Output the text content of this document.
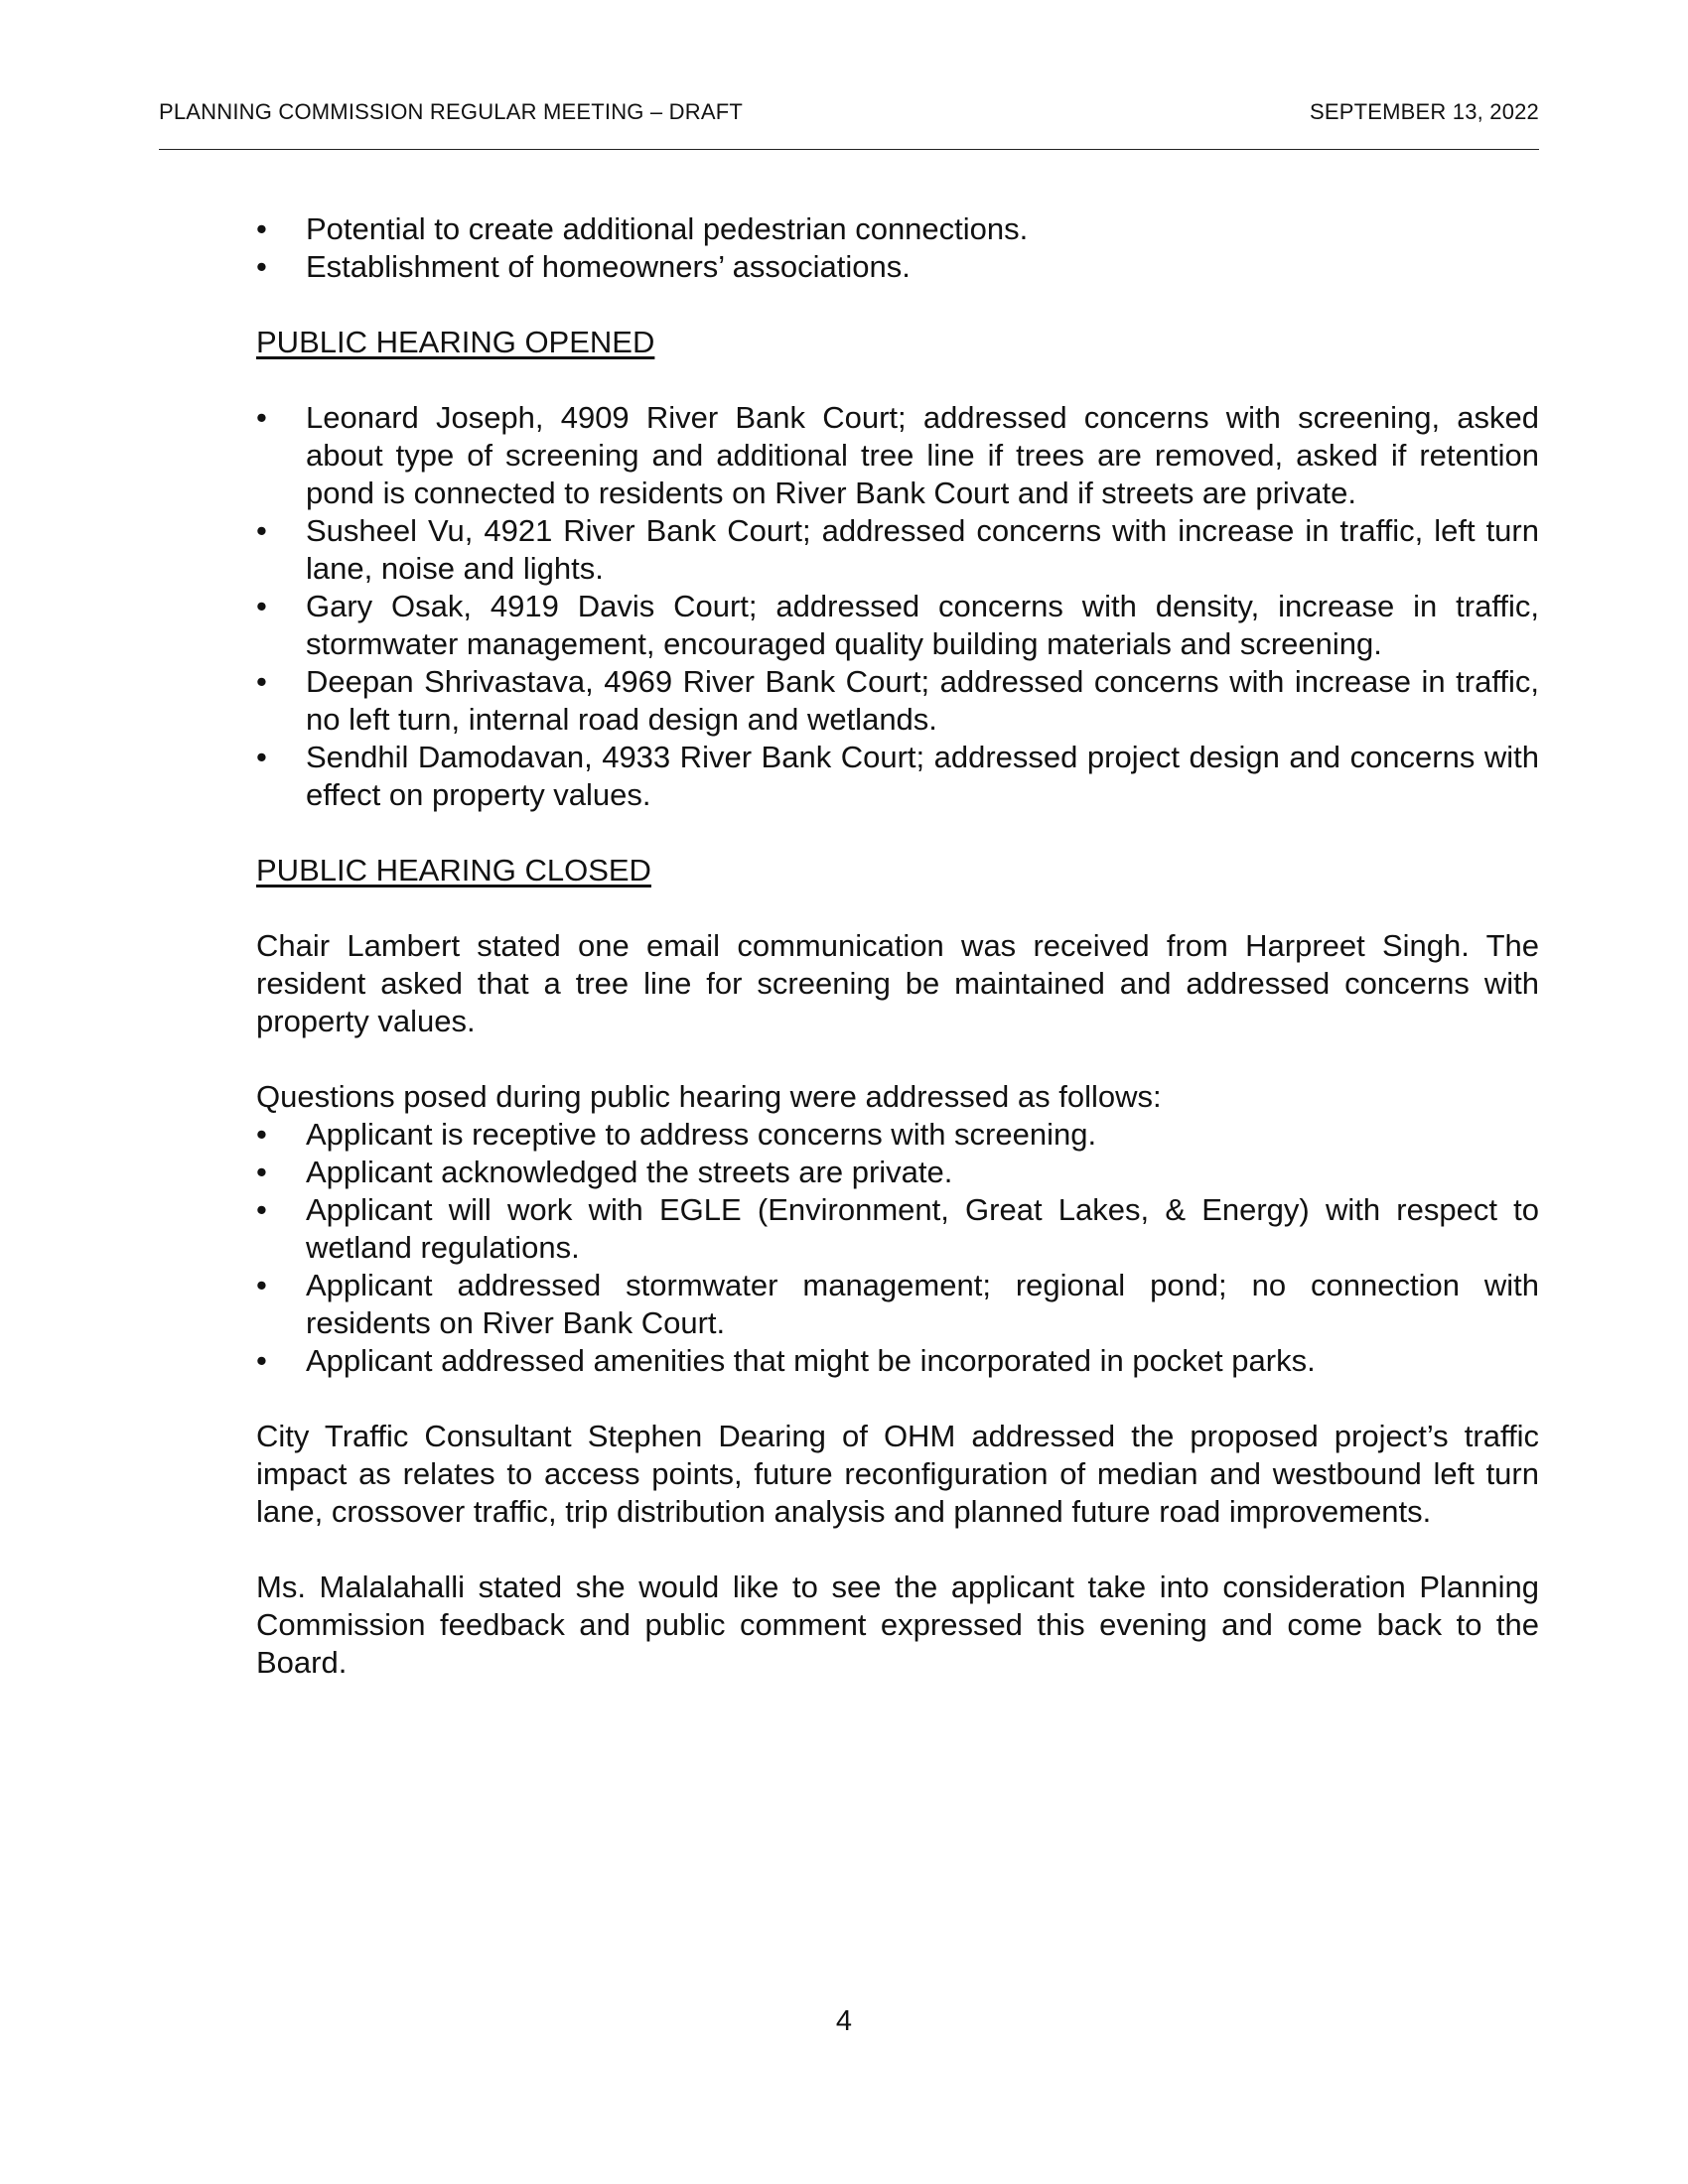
PLANNING COMMISSION REGULAR MEETING – DRAFT	SEPTEMBER 13, 2022
•	Potential to create additional pedestrian connections.
•	Establishment of homeowners’ associations.
PUBLIC HEARING OPENED
•	Leonard Joseph, 4909 River Bank Court; addressed concerns with screening, asked about type of screening and additional tree line if trees are removed, asked if retention pond is connected to residents on River Bank Court and if streets are private.
•	Susheel Vu, 4921 River Bank Court; addressed concerns with increase in traffic, left turn lane, noise and lights.
•	Gary Osak, 4919 Davis Court; addressed concerns with density, increase in traffic, stormwater management, encouraged quality building materials and screening.
•	Deepan Shrivastava, 4969 River Bank Court; addressed concerns with increase in traffic, no left turn, internal road design and wetlands.
•	Sendhil Damodavan, 4933 River Bank Court; addressed project design and concerns with effect on property values.
PUBLIC HEARING CLOSED

Chair Lambert stated one email communication was received from Harpreet Singh. The resident asked that a tree line for screening be maintained and addressed concerns with property values.

Questions posed during public hearing were addressed as follows:

•	Applicant is receptive to address concerns with screening.
•	Applicant acknowledged the streets are private.
•	Applicant will work with EGLE (Environment, Great Lakes, & Energy) with respect to wetland regulations.
•	Applicant addressed stormwater management; regional pond; no connection with residents on River Bank Court.
•	Applicant addressed amenities that might be incorporated in pocket parks.

City Traffic Consultant Stephen Dearing of OHM addressed the proposed project’s traffic impact as relates to access points, future reconfiguration of median and westbound left turn lane, crossover traffic, trip distribution analysis and planned future road improvements.

Ms. Malalahalli stated she would like to see the applicant take into consideration Planning Commission feedback and public comment expressed this evening and come back to the Board.

4
